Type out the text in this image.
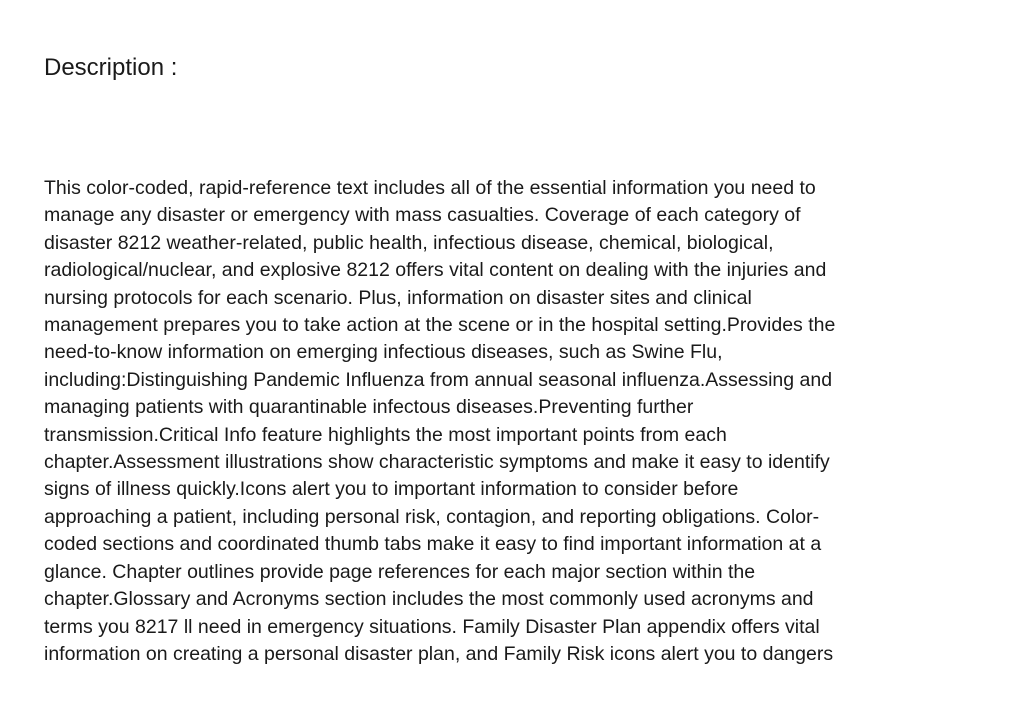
Description :
This color-coded, rapid-reference text includes all of the essential information you need to
manage any disaster or emergency with mass casualties. Coverage of each category of
disaster 8212 weather-related, public health, infectious disease, chemical, biological,
radiological/nuclear, and explosive 8212 offers vital content on dealing with the injuries and
nursing protocols for each scenario. Plus, information on disaster sites and clinical
management prepares you to take action at the scene or in the hospital setting.Provides the
need-to-know information on emerging infectious diseases, such as Swine Flu,
including:Distinguishing Pandemic Influenza from annual seasonal influenza.Assessing and
managing patients with quarantinable infectous diseases.Preventing further
transmission.Critical Info feature highlights the most important points from each
chapter.Assessment illustrations show characteristic symptoms and make it easy to identify
signs of illness quickly.Icons alert you to important information to consider before
approaching a patient, including personal risk, contagion, and reporting obligations. Color-
coded sections and coordinated thumb tabs make it easy to find important information at a
glance. Chapter outlines provide page references for each major section within the
chapter.Glossary and Acronyms section includes the most commonly used acronyms and
terms you 8217 ll need in emergency situations. Family Disaster Plan appendix offers vital
information on creating a personal disaster plan, and Family Risk icons alert you to dangers
